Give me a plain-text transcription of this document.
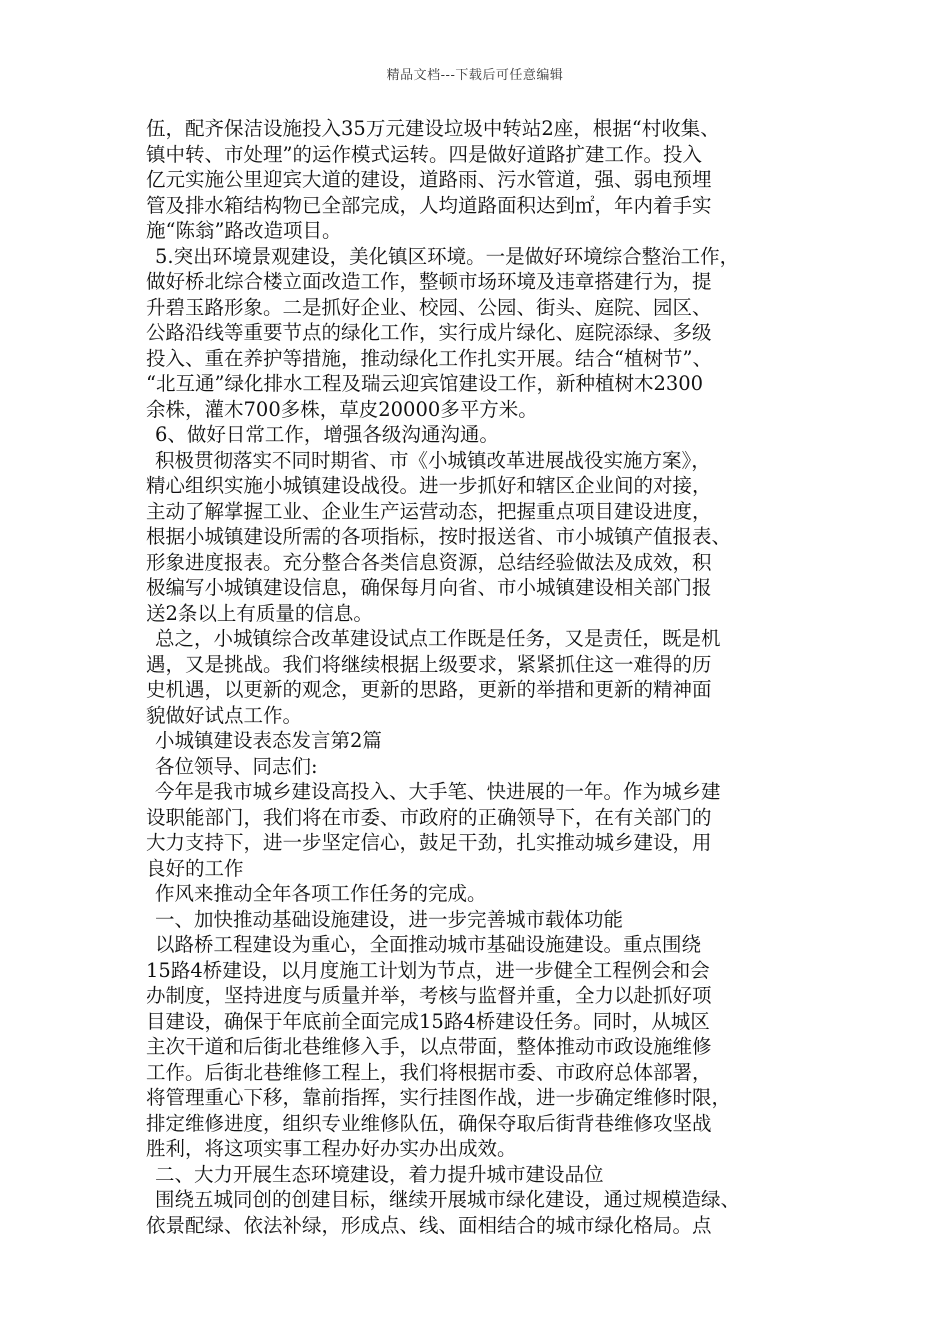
精品文档---下载后可任意编辑
伍，配齐保洁设施投入35万元建设垃圾中转站2座，根据“村收集、
镇中转、市处理”的运作模式运转。四是做好道路扩建工作。投入
亿元实施公里迎宾大道的建设，道路雨、污水管道，强、弱电预埋
管及排水箱结构物已全部完成，人均道路面积达到㎡，年内着手实
施“陈翁”路改造项目。
5.突出环境景观建设，美化镇区环境。一是做好环境综合整治工作，
做好桥北综合楼立面改造工作，整顿市场环境及违章搭建行为，提
升碧玉路形象。二是抓好企业、校园、公园、街头、庭院、园区、
公路沿线等重要节点的绿化工作，实行成片绿化、庭院添绿、多级
投入、重在养护等措施，推动绿化工作扎实开展。结合“植树节”、
“北互通”绿化排水工程及瑞云迎宾馆建设工作，新种植树木2300
余株，灌木700多株，草皮20000多平方米。
6、做好日常工作，增强各级沟通沟通。
积极贯彻落实不同时期省、市《小城镇改革进展战役实施方案》，
精心组织实施小城镇建设战役。进一步抓好和辖区企业间的对接，
主动了解掌握工业、企业生产运营动态，把握重点项目建设进度，
根据小城镇建设所需的各项指标，按时报送省、市小城镇产值报表、
形象进度报表。充分整合各类信息资源，总结经验做法及成效，积
极编写小城镇建设信息，确保每月向省、市小城镇建设相关部门报
送2条以上有质量的信息。
总之，小城镇综合改革建设试点工作既是任务，又是责任，既是机
遇，又是挑战。我们将继续根据上级要求，紧紧抓住这一难得的历
史机遇，以更新的观念，更新的思路，更新的举措和更新的精神面
貌做好试点工作。
小城镇建设表态发言第2篇
各位领导、同志们:
今年是我市城乡建设高投入、大手笔、快进展的一年。作为城乡建
设职能部门，我们将在市委、市政府的正确领导下，在有关部门的
大力支持下，进一步坚定信心，鼓足干劲，扎实推动城乡建设，用
良好的工作
作风来推动全年各项工作任务的完成。
一、加快推动基础设施建设，进一步完善城市载体功能
以路桥工程建设为重心，全面推动城市基础设施建设。重点围绕
15路4桥建设，以月度施工计划为节点，进一步健全工程例会和会
办制度，坚持进度与质量并举，考核与监督并重，全力以赴抓好项
目建设，确保于年底前全面完成15路4桥建设任务。同时，从城区
主次干道和后街北巷维修入手，以点带面，整体推动市政设施维修
工作。后街北巷维修工程上，我们将根据市委、市政府总体部署，
将管理重心下移，靠前指挥，实行挂图作战，进一步确定维修时限，
排定维修进度，组织专业维修队伍，确保夺取后街背巷维修攻坚战
胜利，将这项实事工程办好办实办出成效。
二、大力开展生态环境建设，着力提升城市建设品位
围绕五城同创的创建目标，继续开展城市绿化建设，通过规模造绿、
依景配绿、依法补绿，形成点、线、面相结合的城市绿化格局。点
